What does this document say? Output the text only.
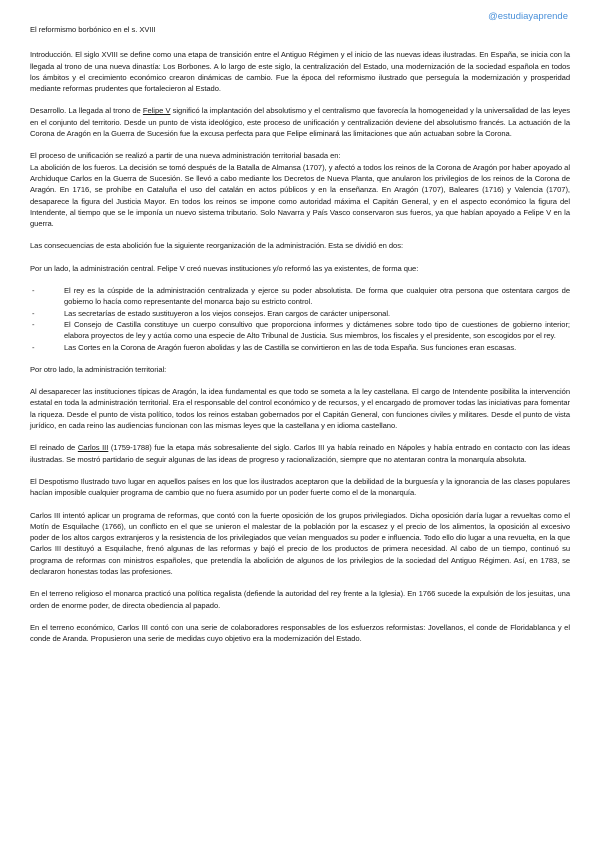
@estudiayaprende

El reformismo borbónico en el s. XVIII

Introducción. El siglo XVIII se define como una etapa de transición entre el Antiguo Régimen y el inicio de las nuevas ideas ilustradas. En España, se inicia con la llegada al trono de una nueva dinastía: Los Borbones. A lo largo de este siglo, la centralización del Estado, una modernización de la sociedad española en todos los ámbitos y el crecimiento económico crearon dinámicas de cambio. Fue la época del reformismo ilustrado que perseguía la modernización y prosperidad mediante reformas prudentes que fortalecieron al Estado.

Desarrollo. La llegada al trono de Felipe V significó la implantación del absolutismo y el centralismo que favorecía la homogeneidad y la universalidad de las leyes en el conjunto del territorio. Desde un punto de vista ideológico, este proceso de unificación y centralización deviene del absolutismo francés. La actuación de la Corona de Aragón en la Guerra de Sucesión fue la excusa perfecta para que Felipe eliminará las limitaciones que aún actuaban sobre la Corona.

El proceso de unificación se realizó a partir de una nueva administración territorial basada en:

La abolición de los fueros. La decisión se tomó después de la Batalla de Almansa (1707), y afectó a todos los reinos de la Corona de Aragón por haber apoyado al Archiduque Carlos en la Guerra de Sucesión. Se llevó a cabo mediante los Decretos de Nueva Planta, que anularon los privilegios de los reinos de la Corona de Aragón. En 1716, se prohíbe en Cataluña el uso del catalán en actos públicos y en la enseñanza. En Aragón (1707), Baleares (1716) y Valencia (1707), desaparece la figura del Justicia Mayor. En todos los reinos se impone como autoridad máxima el Capitán General, y en el aspecto económico la figura del Intendente, al tiempo que se le imponía un nuevo sistema tributario. Solo Navarra y País Vasco conservaron sus fueros, ya que habían apoyado a Felipe V en la guerra.

Las consecuencias de esta abolición fue la siguiente reorganización de la administración. Esta se dividió en dos:

Por un lado, la administración central. Felipe V creó nuevas instituciones y/o reformó las ya existentes, de forma que:

- El rey es la cúspide de la administración centralizada y ejerce su poder absolutista. De forma que cualquier otra persona que ostentara cargos de gobierno lo hacía como representante del monarca bajo su estricto control.
- Las secretarías de estado sustituyeron a los viejos consejos. Eran cargos de carácter unipersonal.
- El Consejo de Castilla constituye un cuerpo consultivo que proporciona informes y dictámenes sobre todo tipo de cuestiones de gobierno interior; elabora proyectos de ley y actúa como una especie de Alto Tribunal de Justicia. Sus miembros, los fiscales y el presidente, son escogidos por el rey.
- Las Cortes en la Corona de Aragón fueron abolidas y las de Castilla se convirtieron en las de toda España. Sus funciones eran escasas.

Por otro lado, la administración territorial:

Al desaparecer las instituciones típicas de Aragón, la idea fundamental es que todo se someta a la ley castellana. El cargo de Intendente posibilita la intervención estatal en toda la administración territorial. Era el responsable del control económico y de recursos, y el encargado de promover todas las iniciativas para fomentar la riqueza. Desde el punto de vista político, todos los reinos estaban gobernados por el Capitán General, con funciones civiles y militares. Desde el punto de vista jurídico, en cada reino las audiencias funcionan con las mismas leyes que la castellana y en idioma castellano.

El reinado de Carlos III (1759-1788) fue la etapa más sobresaliente del siglo. Carlos III ya había reinado en Nápoles y había entrado en contacto con las ideas ilustradas. Se mostró partidario de seguir algunas de las ideas de progreso y racionalización, siempre que no atentaran contra la monarquía absoluta.

El Despotismo Ilustrado tuvo lugar en aquellos países en los que los ilustrados aceptaron que la debilidad de la burguesía y la ignorancia de las clases populares hacían imposible cualquier programa de cambio que no fuera asumido por un poder fuerte como el de la monarquía.

Carlos III intentó aplicar un programa de reformas, que contó con la fuerte oposición de los grupos privilegiados. Dicha oposición daría lugar a revueltas como el Motín de Esquilache (1766), un conflicto en el que se unieron el malestar de la población por la escasez y el precio de los alimentos, la oposición al excesivo poder de los altos cargos extranjeros y la resistencia de los privilegiados que veían menguados su poder e influencia. Todo ello dio lugar a una revuelta, en la que Carlos III destituyó a Esquilache, frenó algunas de las reformas y bajó el precio de los productos de primera necesidad. Al cabo de un tiempo, continuó su programa de reformas con ministros españoles, que pretendía la abolición de algunos de los privilegios de la sociedad del Antiguo Régimen. Así, en 1783, se declararon honestas todas las profesiones.

En el terreno religioso el monarca practicó una política regalista (defiende la autoridad del rey frente a la Iglesia). En 1766 sucede la expulsión de los jesuitas, una orden de enorme poder, de directa obediencia al papado.

En el terreno económico, Carlos III contó con una serie de colaboradores responsables de los esfuerzos reformistas: Jovellanos, el conde de Floridablanca y el conde de Aranda. Propusieron una serie de medidas cuyo objetivo era la modernización del Estado.
